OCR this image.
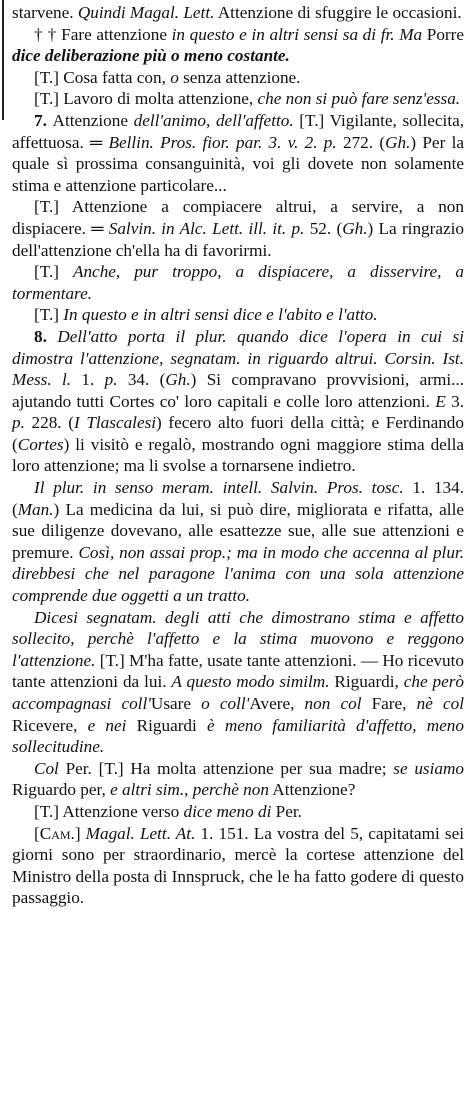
starvene. Quindi Magal. Lett. Attenzione di sfuggire le occasioni.

† † Fare attenzione in questo e in altri sensi sa di fr. Ma Porre dice deliberazione più o meno costante.

[T.] Cosa fatta con, o senza attenzione.

[T.] Lavoro di molta attenzione, che non si può fare senz'essa.

7. Attenzione dell'animo, dell'affetto. [T.] Vigilante, sollecita, affettuosa. ═ Bellin. Pros. fior. par. 3. v. 2. p. 272. (Gh.) Per la quale sì prossima consanguinità, voi gli dovete non solamente stima e attenzione particolare...

[T.] Attenzione a compiacere altrui, a servire, a non dispiacere. ═ Salvin. in Alc. Lett. ill. it. p. 52. (Gh.) La ringrazio dell'attenzione ch'ella ha di favorirmi.

[T.] Anche, pur troppo, a dispiacere, a disservire, a tormentare.

[T.] In questo e in altri sensi dice e l'abito e l'atto.

8. Dell'atto porta il plur. quando dice l'opera in cui si dimostra l'attenzione, segnatam. in riguardo altrui. Corsin. Ist. Mess. l. 1. p. 34. (Gh.) Si compravano provvisioni, armi... ajutando tutti Cortes co' loro capitali e colle loro attenzioni. E 3. p. 228. (I Tlascalesi) fecero alto fuori della città; e Ferdinando (Cortes) li visitò e regalò, mostrando ogni maggiore stima della loro attenzione; ma li svolse a tornarsene indietro.

Il plur. in senso meram. intell. Salvin. Pros. tosc. 1. 134. (Man.) La medicina da lui, si può dire, migliorata e rifatta, alle sue diligenze dovevano, alle esattezze sue, alle sue attenzioni e premure. Così, non assai prop.; ma in modo che accenna al plur. direbbesi che nel paragone l'anima con una sola attenzione comprende due oggetti a un tratto.

Dicesi segnatam. degli atti che dimostrano stima e affetto sollecito, perchè l'affetto e la stima muovono e reggono l'attenzione. [T.] M'ha fatte, usate tante attenzioni. — Ho ricevuto tante attenzioni da lui. A questo modo similm. Riguardi, che però accompagnasi coll'Usare o coll'Avere, non col Fare, nè col Ricevere, e nei Riguardi è meno familiarità d'affetto, meno sollecitudine.

Col Per. [T.] Ha molta attenzione per sua madre; se usiamo Riguardo per, e altri sim., perchè non Attenzione?

[T.] Attenzione verso dice meno di Per.

[Cam.] Magal. Lett. At. 1. 151. La vostra del 5, capitatami sei giorni sono per straordinario, mercè la cortese attenzione del Ministro della posta di Innspruck, che le ha fatto godere di questo passaggio.
